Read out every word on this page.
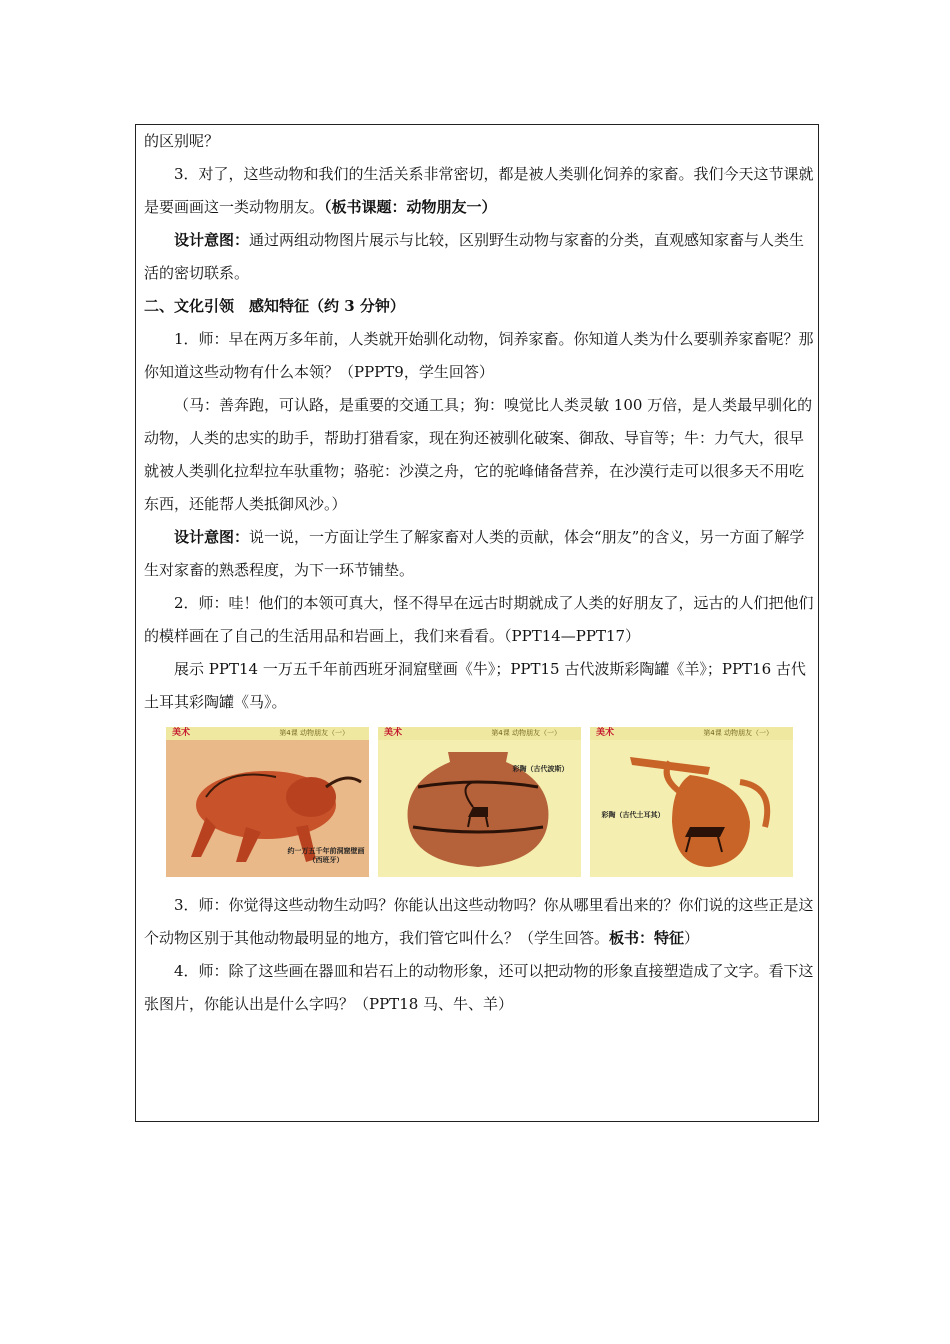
的区别呢？

3．对了，这些动物和我们的生活关系非常密切，都是被人类驯化饲养的家畜。我们今天这节课就是要画画这一类动物朋友。（板书课题：动物朋友一）

设计意图：通过两组动物图片展示与比较，区别野生动物与家畜的分类，直观感知家畜与人类生活的密切联系。

二、文化引领　感知特征（约 3 分钟）

1．师：早在两万多年前，人类就开始驯化动物，饲养家畜。你知道人类为什么要驯养家畜呢？那你知道这些动物有什么本领？（PPPT9，学生回答）

（马：善奔跑，可认路，是重要的交通工具；狗：嗅觉比人类灵敏 100 万倍，是人类最早驯化的动物，人类的忠实的助手，帮助打猎看家，现在狗还被驯化破案、御敌、导盲等；牛：力气大，很早就被人类驯化拉犁拉车驮重物；骆驼：沙漠之舟，它的驼峰储备营养，在沙漠行走可以很多天不用吃东西，还能帮人类抵御风沙。）

设计意图：说一说，一方面让学生了解家畜对人类的贡献，体会“朋友”的含义，另一方面了解学生对家畜的熟悉程度，为下一环节铺垫。

2．师：哇！他们的本领可真大，怪不得早在远古时期就成了人类的好朋友了，远古的人们把他们的模样画在了自己的生活用品和岩画上，我们来看看。（PPT14—PPT17）

展示 PPT14 一万五千年前西班牙洞窟壁画《牛》；PPT15 古代波斯彩陶罐《羊》；PPT16 古代土耳其彩陶罐《马》。

美术	第4课 动物朋友（一）
约一万五千年前洞窟壁画（西班牙）
美术	第4课 动物朋友（一）
彩陶（古代波斯）
美术	第4课 动物朋友（一）
彩陶（古代土耳其）

3．师：你觉得这些动物生动吗？你能认出这些动物吗？你从哪里看出来的？你们说的这些正是这个动物区别于其他动物最明显的地方，我们管它叫什么？（学生回答。板书：特征）

4．师：除了这些画在器皿和岩石上的动物形象，还可以把动物的形象直接塑造成了文字。看下这张图片，你能认出是什么字吗？（PPT18 马、牛、羊）
